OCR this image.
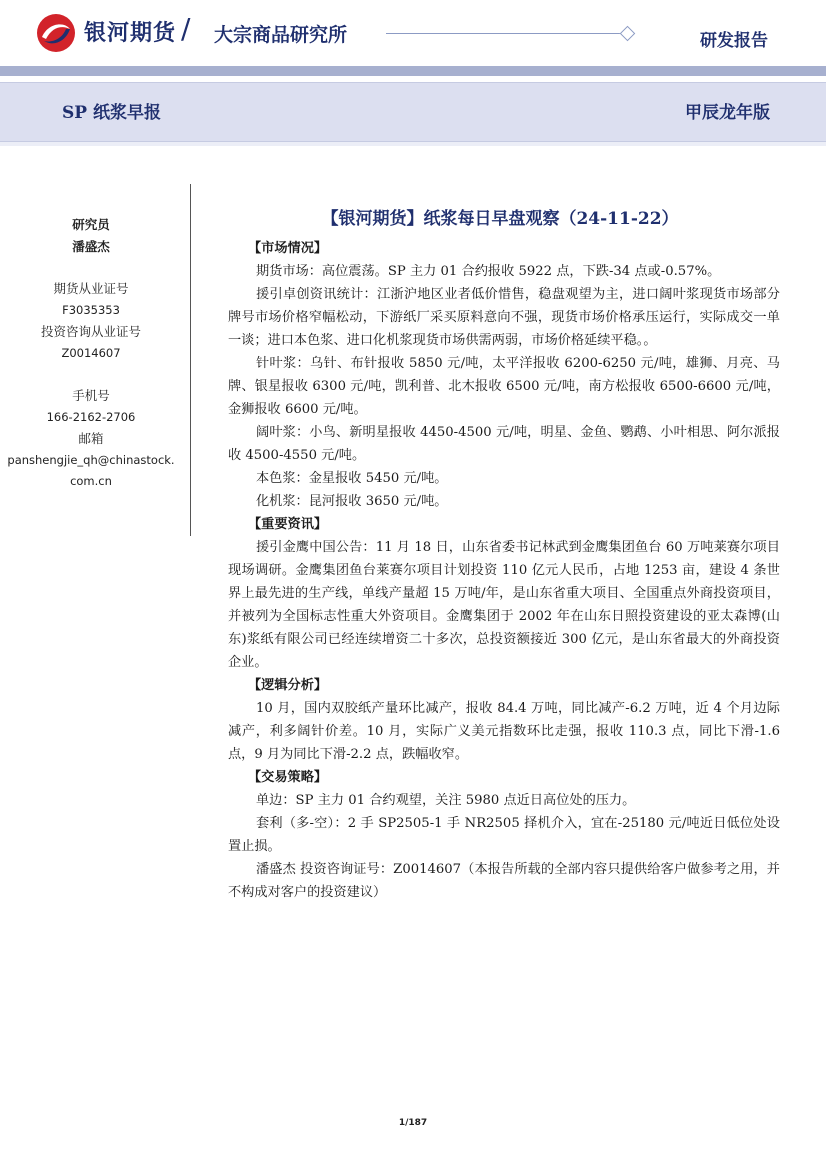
银河期货 / 大宗商品研究所	研发报告
SP 纸浆早报	甲辰龙年版
研究员
潘盛杰
期货从业证号
F3035353
投资咨询从业证号
Z0014607
手机号
166-2162-2706
邮箱
panshengjie_qh@chinastock.
com.cn
【银河期货】纸浆每日早盘观察（24-11-22）

【市场情况】

期货市场：高位震荡。SP 主力 01 合约报收 5922 点，下跌-34 点或-0.57%。

援引卓创资讯统计：江浙沪地区业者低价惜售，稳盘观望为主，进口阔叶浆现货市场部分牌号市场价格窄幅松动，下游纸厂采买原料意向不强，现货市场价格承压运行，实际成交一单一谈；进口本色浆、进口化机浆现货市场供需两弱，市场价格延续平稳。。

针叶浆：乌针、布针报收 5850 元/吨，太平洋报收 6200-6250 元/吨，雄狮、月亮、马牌、银星报收 6300 元/吨，凯利普、北木报收 6500 元/吨，南方松报收 6500-6600 元/吨，金狮报收 6600 元/吨。

阔叶浆：小鸟、新明星报收 4450-4500 元/吨，明星、金鱼、鹦鹉、小叶相思、阿尔派报收 4500-4550 元/吨。

本色浆：金星报收 5450 元/吨。

化机浆：昆河报收 3650 元/吨。

【重要资讯】

援引金鹰中国公告：11 月 18 日，山东省委书记林武到金鹰集团鱼台 60 万吨莱赛尔项目现场调研。金鹰集团鱼台莱赛尔项目计划投资 110 亿元人民币，占地 1253 亩，建设 4 条世界上最先进的生产线，单线产量超 15 万吨/年，是山东省重大项目、全国重点外商投资项目，并被列为全国标志性重大外资项目。金鹰集团于 2002 年在山东日照投资建设的亚太森博(山东)浆纸有限公司已经连续增资二十多次，总投资额接近 300 亿元，是山东省最大的外商投资企业。

【逻辑分析】

10 月，国内双胶纸产量环比减产，报收 84.4 万吨，同比减产-6.2 万吨，近 4 个月边际减产，利多阔针价差。10 月，实际广义美元指数环比走强，报收 110.3 点，同比下滑-1.6 点，9 月为同比下滑-2.2 点，跌幅收窄。

【交易策略】

单边：SP 主力 01 合约观望，关注 5980 点近日高位处的压力。

套利（多-空）：2 手 SP2505-1 手 NR2505 择机介入，宜在-25180 元/吨近日低位处设置止损。

潘盛杰 投资咨询证号：Z0014607（本报告所载的全部内容只提供给客户做参考之用，并不构成对客户的投资建议）

1/187
